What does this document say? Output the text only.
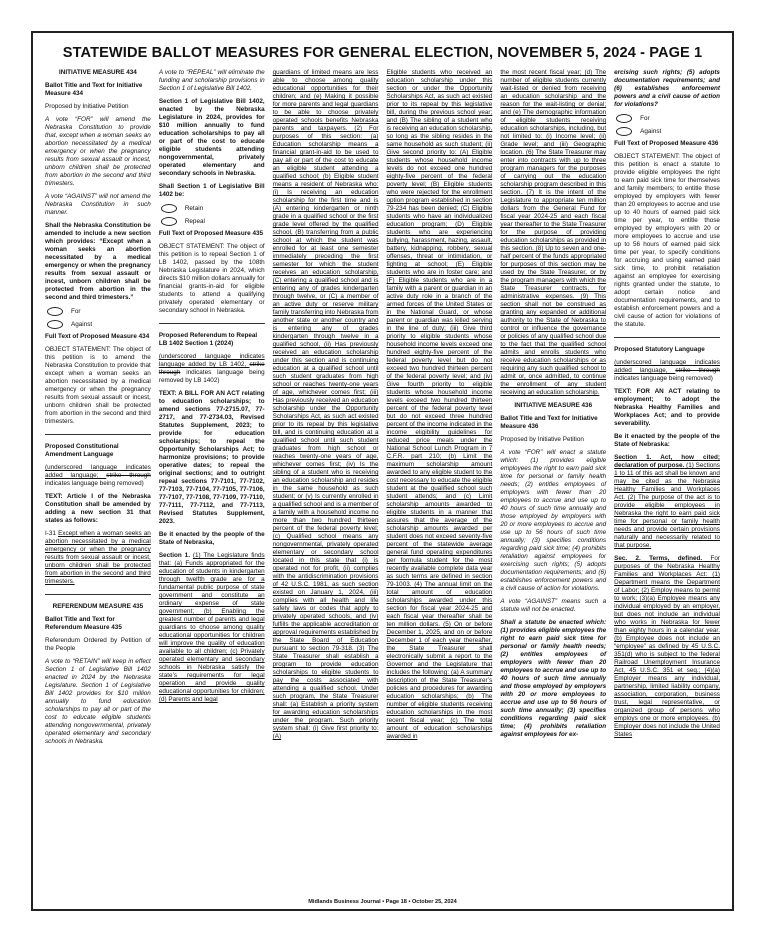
STATEWIDE BALLOT MEASURES FOR GENERAL ELECTION, NOVEMBER 5, 2024 - PAGE 1

INITIATIVE MEASURE 434

Ballot Title and Text for Initiative Measure 434

Proposed by Initiative Petition

A vote “FOR” will amend the Nebraska Constitution to provide that, except when a woman seeks an abortion necessitated by a medical emergency or when the pregnancy results from sexual assault or incest, unborn children shall be protected from abortion in the second and third trimesters.

A vote “AGAINST” will not amend the Nebraska Constitution in such manner.

Shall the Nebraska Constitution be amended to include a new section which provides: “Except when a woman seeks an abortion necessitated by a medical emergency or when the pregnancy results from sexual assault or incest, unborn children shall be protected from abortion in the second and third trimesters.”

For
Against

Full Text of Proposed Measure 434

OBJECT STATEMENT: The object of this petition is to amend the Nebraska Constitution to provide that except when a woman seeks an abortion necessitated by a medical emergency or when the pregnancy results from sexual assault or incest, unborn children shall be protected from abortion in the second and third trimesters.

Proposed Constitutional Amendment Language

(underscored language indicates added language; strike through indicates language being removed)

TEXT: Article I of the Nebraska Constitution shall be amended by adding a new section 31 that states as follows:

I-31 Except when a woman seeks an abortion necessitated by a medical emergency or when the pregnancy results from sexual assault or incest, unborn children shall be protected from abortion in the second and third trimesters.

REFERENDUM MEASURE 435

Ballot Title and Text for Referendum Measure 435

Referendum Ordered by Petition of the People

A vote to “RETAIN” will keep in effect Section 1 of Legislative Bill 1402 enacted in 2024 by the Nebraska Legislature. Section 1 of Legislative Bill 1402 provides for $10 million annually to fund education scholarships to pay all or part of the cost to educate eligible students attending nongovernmental, privately operated elementary and secondary schools in Nebraska.

A vote to “REPEAL” will eliminate the funding and scholarship provisions in Section 1 of Legislative Bill 1402.

Section 1 of Legislative Bill 1402, enacted by the Nebraska Legislature in 2024, provides for $10 million annually to fund education scholarships to pay all or part of the cost to educate eligible students attending nongovernmental, privately operated elementary and secondary schools in Nebraska.

Shall Section 1 of Legislative Bill 1402 be:

Retain
Repeal

Full Text of Proposed Measure 435

OBJECT STATEMENT: The object of this petition is to repeal Section 1 of LB 1402, passed by the 108th Nebraska Legislature in 2024, which directs $10 million dollars annually for financial grants-in-aid for eligible students to attend a qualifying privately operated elementary or secondary school in Nebraska.

Proposed Referendum to Repeal LB 1402 Section 1 (2024)

(underscored language indicates language added by LB 1402, strike through indicates language being removed by LB 1402)

TEXT: A BILL FOR AN ACT relating to education scholarships; to amend sections 77-2715.07, 77-2717, and 77-2734.03, Revised Statutes Supplement, 2023; to provide for education scholarships; to repeal the Opportunity Scholarships Act; to harmonize provisions; to provide operative dates; to repeal the original sections; and to outright repeal sections 77-7101, 77-7102, 77-7103, 77-7104, 77-7105, 77-7106, 77-7107, 77-7108, 77-7109, 77-7110, 77-7111, 77-7112, and 77-7113, Revised Statutes Supplement, 2023.

Be it enacted by the people of the State of Nebraska,

Section 1. (1) The Legislature finds that: (a) Funds appropriated for the education of students in kindergarten through twelfth grade are for a fundamental public purpose of state government and constitute an ordinary expense of state government; (b) Enabling the greatest number of parents and legal guardians to choose among quality educational opportunities for children will improve the quality of education available to all children; (c) Privately operated elementary and secondary schools in Nebraska satisfy the state’s requirements for legal operation and provide quality educational opportunities for children; (d) Parents and legal

guardians of limited means are less able to choose among quality educational opportunities for their children; and (e) Making it possible for more parents and legal guardians to be able to choose privately operated schools benefits Nebraska parents and taxpayers. (2) For purposes of this section: (a) Education scholarship means a financial grant-in-aid to be used to pay all or part of the cost to educate an eligible student attending a qualified school; (b) Eligible student means a resident of Nebraska who: (i) Is receiving an education scholarship for the first time and is (A) entering kindergarten or ninth grade in a qualified school or the first grade level offered by the qualified school, (B) transferring from a public school at which the student was enrolled for at least one semester immediately preceding the first semester for which the student receives an education scholarship, (C) entering a qualified school and is entering any of grades kindergarten through twelve, or (C) a member of an active duty or reserve military family transferring into Nebraska from another state or another country and is entering any of grades kindergarten through twelve in a qualified school, (ii) Has previously received an education scholarship under this section and is continuing education at a qualified school until such student graduates from high school or reaches twenty-one years of age, whichever comes first; (iii) Has previously received an education scholarship under the Opportunity Scholarships Act, as such act existed prior to its repeal by this legislative bill, and is continuing education at a qualified school until such student graduates from high school or reaches twenty-one years of age, whichever comes first; (iv) Is the sibling of a student who is receiving an education scholarship and resides in the same household as such student; or (v) Is currently enrolled in a qualified school and is a member of a family with a household income no more than two hundred thirteen percent of the federal poverty level; (c) Qualified school means any nongovernmental, privately operated elementary or secondary school located in this state that (i) is operated not for profit, (ii) complies with the antidiscrimination provisions of 42 U.S.C. 1981, as such section existed on January 1, 2024, (iii) complies with all health and life safety laws or codes that apply to privately operated schools, and (iv) fulfills the applicable accreditation or approval requirements established by the State Board of Education pursuant to section 79-318. (3) The State Treasurer shall establish a program to provide education scholarships to eligible students to pay the costs associated with attending a qualified school. Under such program, the State Treasurer shall: (a) Establish a priority system for awarding education scholarships under the program. Such priority system shall: (i) Give first priority to: (A)

Eligible students who received an education scholarship under this section or under the Opportunity Scholarships Act, as such act existed prior to its repeal by this legislative bill, during the previous school year; and (B) The sibling of a student who is receiving an education scholarship, so long as the sibling resides in the same household as such student; (ii) Give second priority to: (A) Eligible students whose household income levels do not exceed one hundred eighty-five percent of the federal poverty level; (B) Eligible students who were rejected for the enrollment option program established in section 79-234 has been denied; (C) Eligible students who have an individualized education program; (D) Eligible students who are experiencing bullying, harassment, hazing, assault, battery, kidnapping, robbery, sexual offenses, threat or intimidation, or fighting at school; (E) Eligible students who are in foster care; and (F) Eligible students who are in a family with a parent or guardian in an active duty role in a branch of the armed forces of the United States or in the National Guard, or whose parent or guardian was killed serving in the line of duty; (iii) Give third priority to eligible students whose household income levels exceed one hundred eighty-five percent of the federal poverty level but do not exceed two hundred thirteen percent of the federal poverty level; and (iv) Give fourth priority to eligible students whose household income levels exceed two hundred thirteen percent of the federal poverty level but do not exceed three hundred percent of the income indicated in the income eligibility guidelines for reduced price meals under the National School Lunch Program in 7 C.F.R. part 210; (b) Limit the maximum scholarship amount awarded to any eligible student to the cost necessary to educate the eligible student at the qualified school such student attends; and (c) Limit scholarship amounts awarded to eligible students in a manner that assures that the average of the scholarship amounts awarded per student does not exceed seventy-five percent of the statewide average general fund operating expenditures per formula student for the most recently available complete data year as such terms are defined in section 79-1003. (4) The annual limit on the total amount of education scholarships awarded under this section for fiscal year 2024-25 and each fiscal year thereafter shall be ten million dollars. (5) On or before December 1, 2025, and on or before December 1 of each year thereafter, the State Treasurer shall electronically submit a report to the Governor and the Legislature that includes the following: (a) A summary description of the State Treasurer’s policies and procedures for awarding education scholarships; (b) The number of eligible students receiving education scholarships in the most recent fiscal year; (c) The total amount of education scholarships awarded in

the most recent fiscal year; (d) The number of eligible students currently wait-listed or denied from receiving an education scholarship and the reason for the wait-listing or denial; and (e) The demographic information of eligible students receiving education scholarships, including, but not limited to: (i) Income level; (ii) Grade level; and (iii) Geographic location. (6) The State Treasurer may enter into contracts with up to three program managers for the purposes of carrying out the education scholarship program described in this section. (7) It is the intent of the Legislature to appropriate ten million dollars from the General Fund for fiscal year 2024-25 and each fiscal year thereafter to the State Treasurer for the purpose of providing education scholarships as provided in this section. (8) Up to seven and one-half percent of the funds appropriated for purposes of this section may be used by the State Treasurer, or by the program managers with which the State Treasurer contracts, for administrative expenses. (9) This section shall not be construed as granting any expanded or additional authority to the State of Nebraska to control or influence the governance or policies of any qualified school due to the fact that the qualified school admits and enrolls students who receive education scholarships or as requiring any such qualified school to admit or, once admitted, to continue the enrollment of any student receiving an education scholarship.

INITIATIVE MEASURE 436

Ballot Title and Text for Initiative Measure 436

Proposed by Initiative Petition

A vote “FOR” will enact a statute which: (1) provides eligible employees the right to earn paid sick time for personal or family health needs; (2) entitles employees of employers with fewer than 20 employees to accrue and use up to 40 hours of such time annually and those employed by employers with 20 or more employees to accrue and use up to 56 hours of such time annually; (3) specifies conditions regarding paid sick time; (4) prohibits retaliation against employees for exercising such rights; (5) adopts documentation requirements; and (6) establishes enforcement powers and a civil cause of action for violations.

A vote “AGAINST” means such a statute will not be enacted.

Shall a statute be enacted which: (1) provides eligible employees the right to earn paid sick time for personal or family health needs; (2) entitles employees of employers with fewer than 20 employees to accrue and use up to 40 hours of such time annually and those employed by employers with 20 or more employees to accrue and use up to 56 hours of such time annually; (3) specifies conditions regarding paid sick time; (4) prohibits retaliation against employees for ex-

ercising such rights; (5) adopts documentation requirements; and (6) establishes enforcement powers and a civil cause of action for violations?

For
Against

Full Text of Proposed Measure 436

OBJECT STATEMENT: The object of this petition is enact a statute to provide eligible employees the right to earn paid sick time for themselves and family members; to entitle those employed by employers with fewer than 20 employees to accrue and use up to 40 hours of earned paid sick time per year, to entitle those employed by employers with 20 or more employees to accrue and use up to 56 hours of earned paid sick time per year, to specify conditions for accruing and using earned paid sick time, to prohibit retaliation against an employee for exercising rights granted under the statute, to adopt certain notice and documentation requirements, and to establish enforcement powers and a civil cause of action for violations of the statute.

Proposed Statutory Language

(underscored language indicates added language, strike through indicates language being removed)

TEXT: FOR AN ACT relating to employment; to adopt the Nebraska Healthy Families and Workplaces Act; and to provide severability.

Be it enacted by the people of the State of Nebraska:

Section 1. Act, how cited; declaration of purpose. (1) Sections 1 to 11 of this act shall be known and may be cited as the Nebraska Healthy Families and Workplaces Act. (2) The purpose of the act is to provide eligible employees in Nebraska the right to earn paid sick time for personal or family health needs and provide certain provisions naturally and necessarily related to that purpose.

Sec. 2. Terms, defined. For purposes of the Nebraska Healthy Families and Workplaces Act: (1) Department means the Department of Labor; (2) Employ means to permit to work; (3)(a) Employee means any individual employed by an employer, but does not include an individual who works in Nebraska for fewer than eighty hours in a calendar year. (b) Employee does not include an “employee” as defined by 45 U.S.C. 351(d) who is subject to the federal Railroad Unemployment Insurance Act, 45 U.S.C. 351 et seq.; (4)(a) Employer means any individual, partnership, limited liability company, association, corporation, business trust, legal representative, or organized group of persons who employs one or more employees. (b) Employer does not include the United States

Midlands Business Journal • Page 18 • October 25, 2024
